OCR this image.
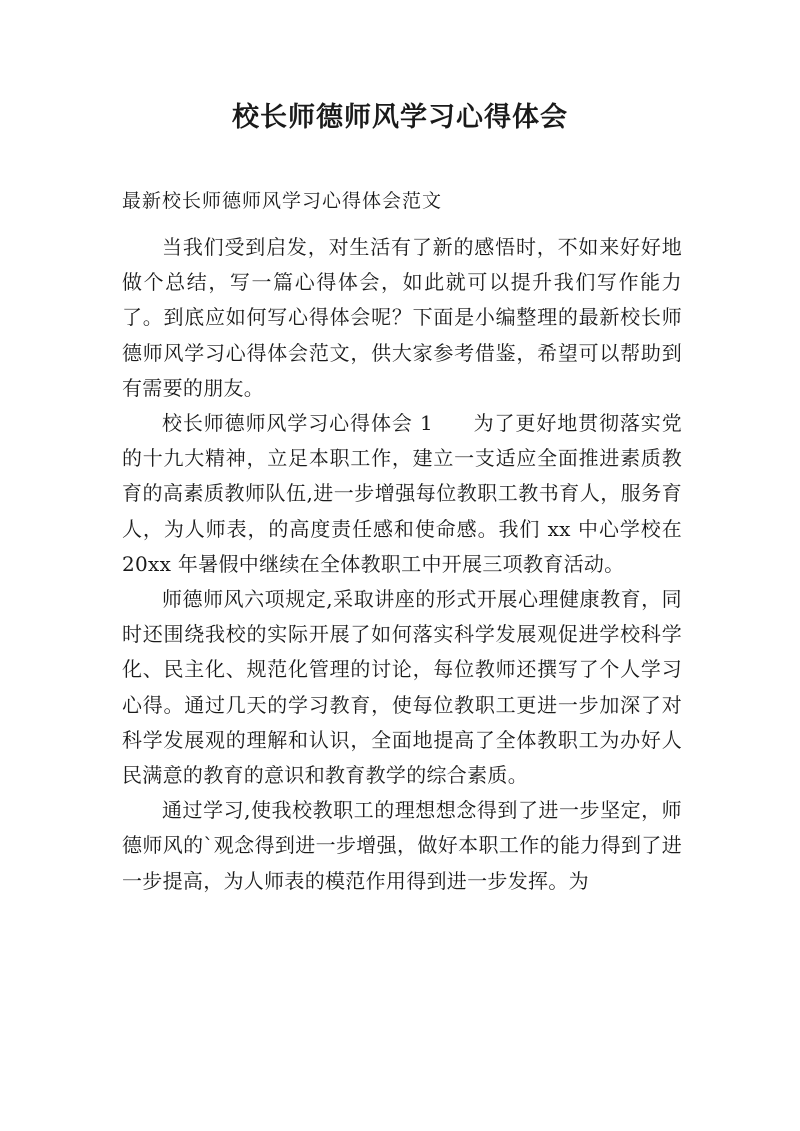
校长师德师风学习心得体会
最新校长师德师风学习心得体会范文

当我们受到启发，对生活有了新的感悟时，不如来好好地做个总结，写一篇心得体会，如此就可以提升我们写作能力了。到底应如何写心得体会呢？下面是小编整理的最新校长师德师风学习心得体会范文，供大家参考借鉴，希望可以帮助到有需要的朋友。

校长师德师风学习心得体会 1 为了更好地贯彻落实党的十九大精神，立足本职工作，建立一支适应全面推进素质教育的高素质教师队伍,进一步增强每位教职工教书育人，服务育人，为人师表，的高度责任感和使命感。我们 xx 中心学校在 20xx 年暑假中继续在全体教职工中开展三项教育活动。

师德师风六项规定,采取讲座的形式开展心理健康教育，同时还围绕我校的实际开展了如何落实科学发展观促进学校科学化、民主化、规范化管理的讨论，每位教师还撰写了个人学习心得。通过几天的学习教育，使每位教职工更进一步加深了对科学发展观的理解和认识，全面地提高了全体教职工为办好人民满意的教育的意识和教育教学的综合素质。

通过学习,使我校教职工的理想想念得到了进一步坚定，师德师风的`观念得到进一步增强，做好本职工作的能力得到了进一步提高，为人师表的模范作用得到进一步发挥。为
